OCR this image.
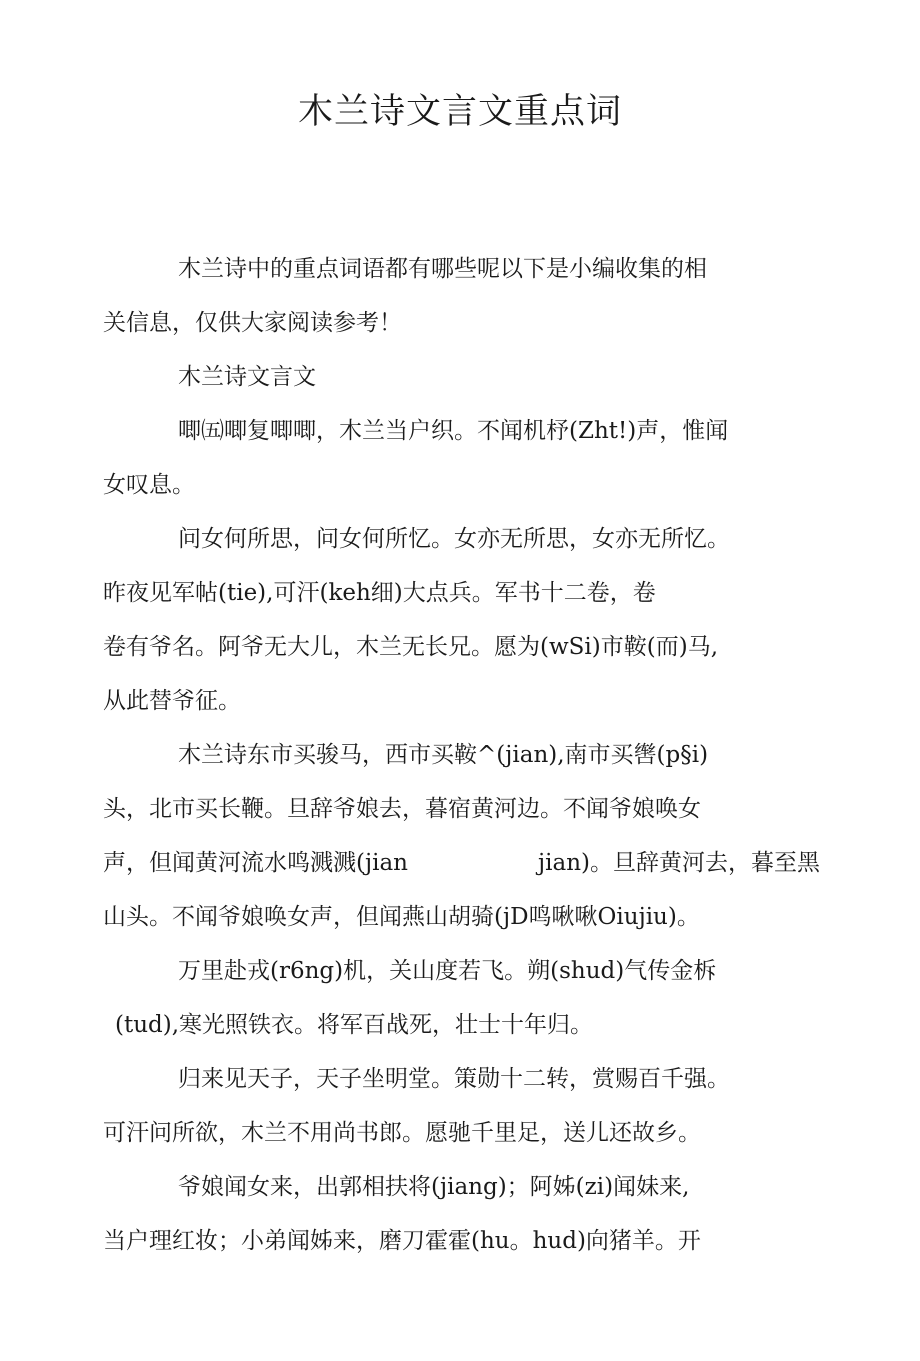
木兰诗文言文重点词
木兰诗中的重点词语都有哪些呢以下是小编收集的相
关信息，仅供大家阅读参考！
木兰诗文言文
唧㈤唧复唧唧，木兰当户织。不闻机杼(Zht!)声，惟闻
女叹息。
问女何所思，问女何所忆。女亦无所思，女亦无所忆。
昨夜见军帖(tie),可汗(keh细)大点兵。军书十二卷，卷
卷有爷名。阿爷无大儿，木兰无长兄。愿为(wSi)市鞍(而)马,
从此替爷征。
木兰诗东市买骏马，西市买鞍^(jian),南市买辔(p§i)
头，北市买长鞭。旦辞爷娘去，暮宿黄河边。不闻爷娘唤女
声，但闻黄河流水鸣溅溅(jian	jian)。旦辞黄河去，暮至黑
山头。不闻爷娘唤女声，但闻燕山胡骑(jD鸣啾啾Oiujiu)。
万里赴戎(r6ng)机，关山度若飞。朔(shud)气传金柝
(tud),寒光照铁衣。将军百战死，壮士十年归。
归来见天子，天子坐明堂。策勋十二转，赏赐百千强。
可汗问所欲，木兰不用尚书郎。愿驰千里足，送儿还故乡。
爷娘闻女来，出郭相扶将(jiang)；阿姊(zi)闻妹来,
当户理红妆；小弟闻姊来，磨刀霍霍(hu。hud)向猪羊。开
